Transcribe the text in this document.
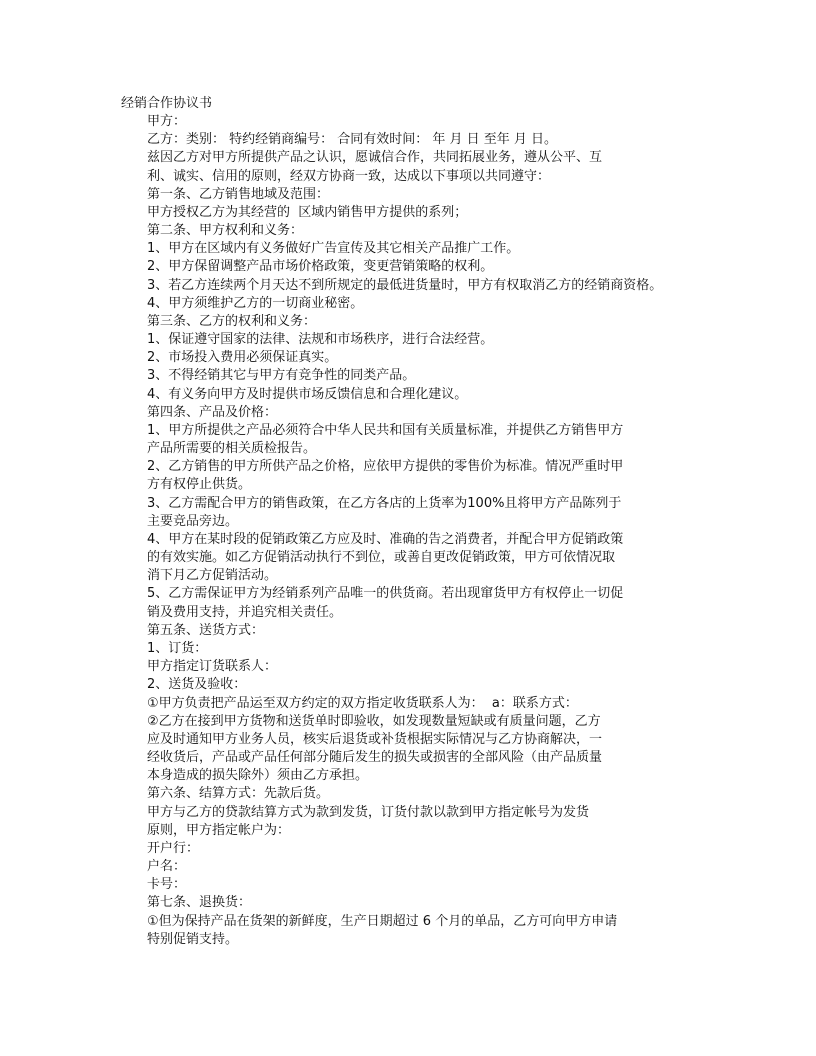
经销合作协议书
甲方：
乙方：类别： 特约经销商编号： 合同有效时间： 年 月 日 至年 月 日。
兹因乙方对甲方所提供产品之认识，愿诚信合作，共同拓展业务，遵从公平、互
利、诚实、信用的原则，经双方协商一致，达成以下事项以共同遵守：
第一条、乙方销售地域及范围：
甲方授权乙方为其经营的  区域内销售甲方提供的系列；
第二条、甲方权利和义务：
1、甲方在区域内有义务做好广告宣传及其它相关产品推广工作。
2、甲方保留调整产品市场价格政策，变更营销策略的权利。
3、若乙方连续两个月天达不到所规定的最低进货量时，甲方有权取消乙方的经销商资格。
4、甲方须维护乙方的一切商业秘密。
第三条、乙方的权利和义务：
1、保证遵守国家的法律、法规和市场秩序，进行合法经营。
2、市场投入费用必须保证真实。
3、不得经销其它与甲方有竞争性的同类产品。
4、有义务向甲方及时提供市场反馈信息和合理化建议。
第四条、产品及价格：
1、甲方所提供之产品必须符合中华人民共和国有关质量标准，并提供乙方销售甲方
产品所需要的相关质检报告。
2、乙方销售的甲方所供产品之价格，应依甲方提供的零售价为标准。情况严重时甲
方有权停止供货。
3、乙方需配合甲方的销售政策，在乙方各店的上货率为100%且将甲方产品陈列于
主要竞品旁边。
4、甲方在某时段的促销政策乙方应及时、准确的告之消费者，并配合甲方促销政策
的有效实施。如乙方促销活动执行不到位，或善自更改促销政策，甲方可依情况取
消下月乙方促销活动。
5、乙方需保证甲方为经销系列产品唯一的供货商。若出现窜货甲方有权停止一切促
销及费用支持，并追究相关责任。
第五条、送货方式：
1、订货：
甲方指定订货联系人：
2、送货及验收：
①甲方负责把产品运至双方约定的双方指定收货联系人为：  a：联系方式：
②乙方在接到甲方货物和送货单时即验收，如发现数量短缺或有质量问题，乙方
应及时通知甲方业务人员，核实后退货或补货根据实际情况与乙方协商解决，一
经收货后，产品或产品任何部分随后发生的损失或损害的全部风险（由产品质量
本身造成的损失除外）须由乙方承担。
第六条、结算方式：先款后货。
甲方与乙方的贷款结算方式为款到发货，订货付款以款到甲方指定帐号为发货
原则，甲方指定帐户为：
开户行：
户名：
卡号：
第七条、退换货：
①但为保持产品在货架的新鲜度，生产日期超过 6 个月的单品，乙方可向甲方申请
特别促销支持。
